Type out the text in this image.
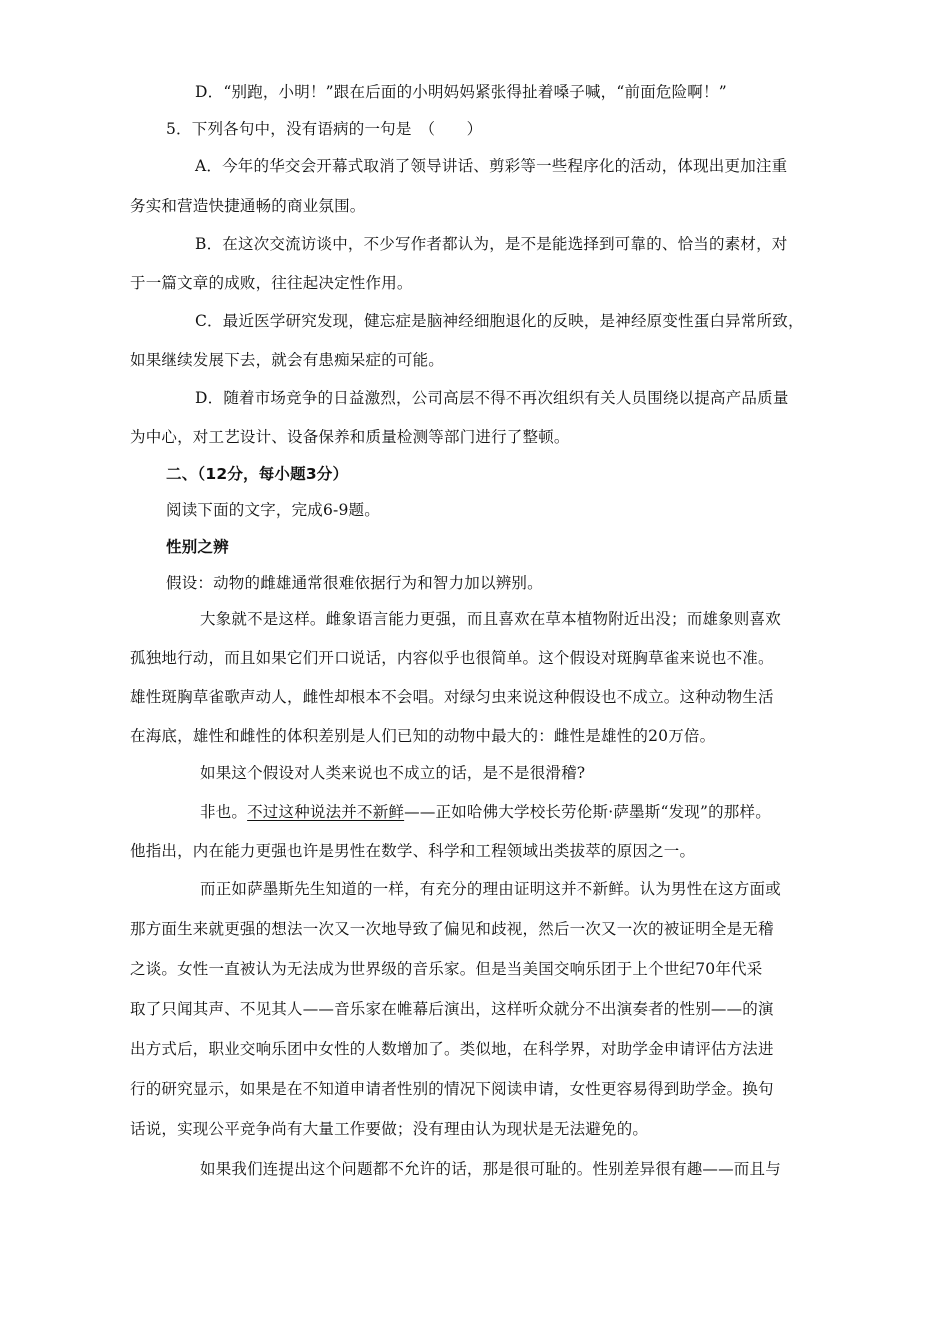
D．“别跑，小明！”跟在后面的小明妈妈紧张得扯着嗓子喊，“前面危险啊！”
5．下列各句中，没有语病的一句是　（　　）
A．今年的华交会开幕式取消了领导讲话、剪彩等一些程序化的活动，体现出更加注重
务实和营造快捷通畅的商业氛围。
B．在这次交流访谈中，不少写作者都认为，是不是能选择到可靠的、恰当的素材，对
于一篇文章的成败，往往起决定性作用。
C．最近医学研究发现，健忘症是脑神经细胞退化的反映，是神经原变性蛋白异常所致，
如果继续发展下去，就会有患痴呆症的可能。
D．随着市场竞争的日益激烈，公司高层不得不再次组织有关人员围绕以提高产品质量
为中心，对工艺设计、设备保养和质量检测等部门进行了整顿。
二、（12分，每小题3分）
阅读下面的文字，完成6-9题。
性别之辨
假设：动物的雌雄通常很难依据行为和智力加以辨别。
大象就不是这样。雌象语言能力更强，而且喜欢在草本植物附近出没；而雄象则喜欢
孤独地行动，而且如果它们开口说话，内容似乎也很简单。这个假设对斑胸草雀来说也不准。
雄性斑胸草雀歌声动人，雌性却根本不会唱。对绿匀虫来说这种假设也不成立。这种动物生活
在海底，雄性和雌性的体积差别是人们已知的动物中最大的：雌性是雄性的20万倍。
如果这个假设对人类来说也不成立的话，是不是很滑稽?
非也。不过这种说法并不新鲜——正如哈佛大学校长劳伦斯·萨墨斯“发现”的那样。
他指出，内在能力更强也许是男性在数学、科学和工程领域出类拔萃的原因之一。
而正如萨墨斯先生知道的一样，有充分的理由证明这并不新鲜。认为男性在这方面或
那方面生来就更强的想法一次又一次地导致了偏见和歧视，然后一次又一次的被证明全是无稽
之谈。女性一直被认为无法成为世界级的音乐家。但是当美国交响乐团于上个世纪70年代采
取了只闻其声、不见其人——音乐家在帷幕后演出，这样听众就分不出演奏者的性别——的演
出方式后，职业交响乐团中女性的人数增加了。类似地，在科学界，对助学金申请评估方法进
行的研究显示，如果是在不知道申请者性别的情况下阅读申请，女性更容易得到助学金。换句
话说，实现公平竞争尚有大量工作要做；没有理由认为现状是无法避免的。
如果我们连提出这个问题都不允许的话，那是很可耻的。性别差异很有趣——而且与
